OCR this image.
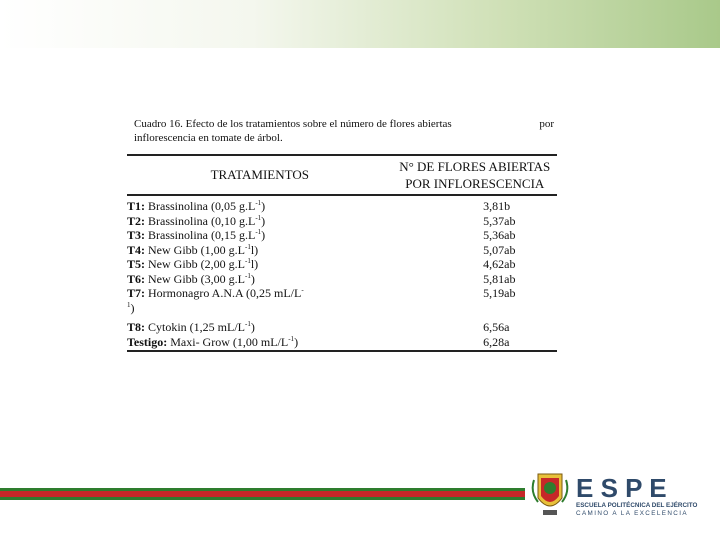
Cuadro 16. Efecto de los tratamientos sobre el número de flores abiertas	por
inflorescencia en tomate de árbol.
TRATAMIENTOS	N° DE FLORES ABIERTAS
POR INFLORESCENCIA	

T1: Brassinolina (0,05 $g.L^{-1}$)	3,81	b
T2: Brassinolina (0,10 $g.L^{-1}$)	5,37	ab
T3: Brassinolina (0,15 $g.L^{-1}$)	5,36	ab
T4: New Gibb (1,00 $g.L^{-1}l$)	5,07	ab
T5: New Gibb (2,00 $g.L^{-1}l$)	4,62	ab
T6: New Gibb (3,00 $g.L^{-1}$)	5,81	ab
T7: Hormonagro A.N.A (0,25 mL/L-
$^1$)	5,19	ab
T8: Cytokin (1,25 $mL/L^{-1}$)	6,56	a
Testigo: Maxi- Grow (1,00 $mL/L^{-1}$)	6,28	a
E S P E
ESCUELA POLITÉCNICA DEL EJÉRCITO
CAMINO A LA EXCELENCIA
